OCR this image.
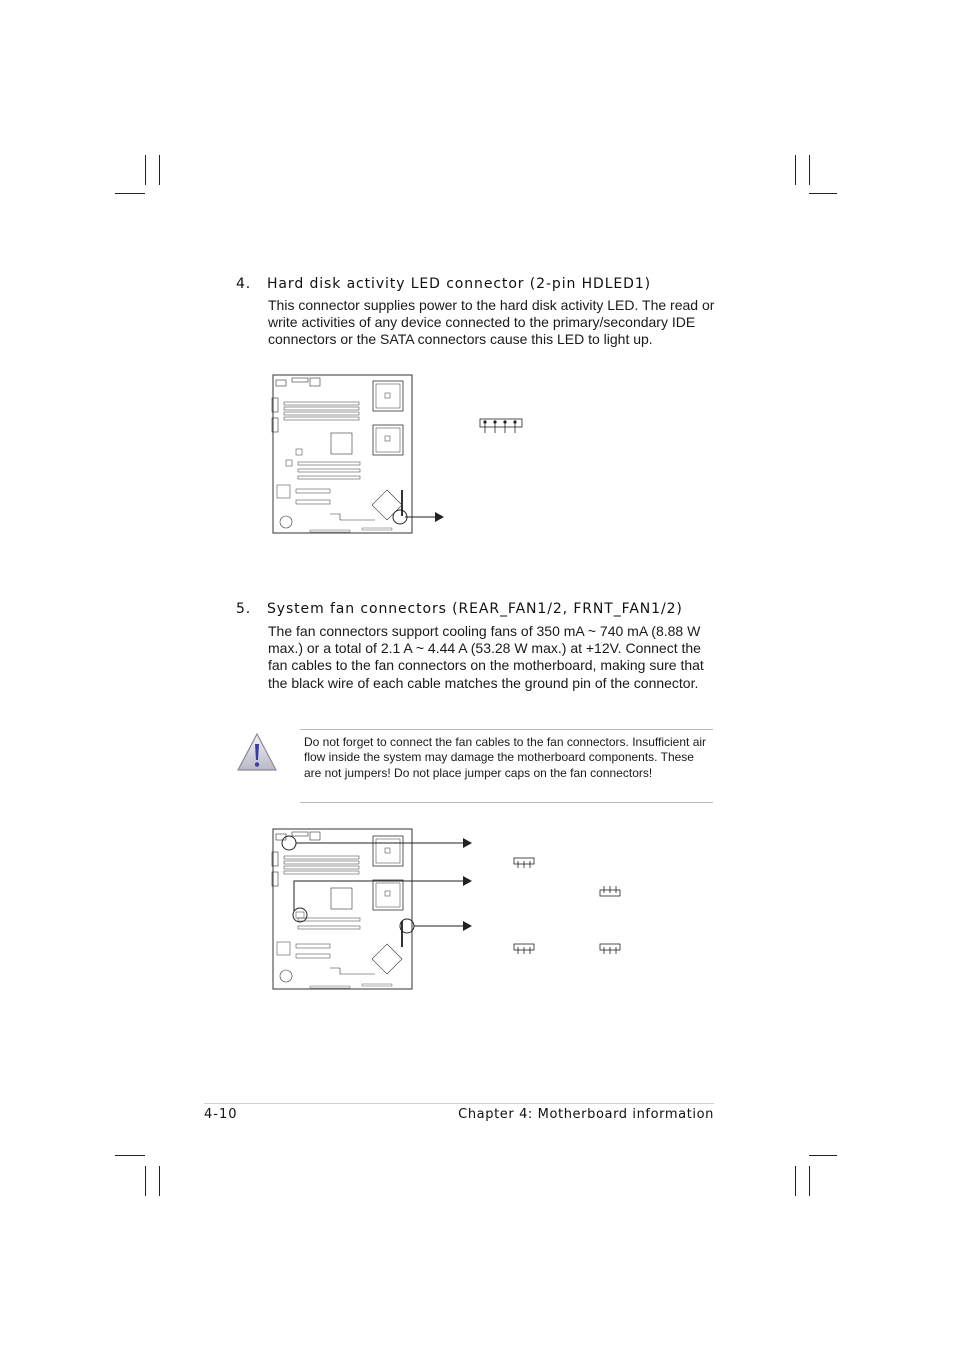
4. Hard disk activity LED connector (2-pin HDLED1)

This connector supplies power to the hard disk activity LED. The read or write activities of any device connected to the primary/secondary IDE connectors or the SATA connectors cause this LED to light up.

5. System fan connectors (REAR_FAN1/2, FRNT_FAN1/2)

The fan connectors support cooling fans of 350 mA ~ 740 mA (8.88 W max.) or a total of 2.1 A ~ 4.44 A (53.28 W max.) at +12V. Connect the fan cables to the fan connectors on the motherboard, making sure that the black wire of each cable matches the ground pin of the connector.

Do not forget to connect the fan cables to the fan connectors. Insufficient air flow inside the system may damage the motherboard components. These are not jumpers! Do not place jumper caps on the fan connectors!
4-10	Chapter 4: Motherboard information
